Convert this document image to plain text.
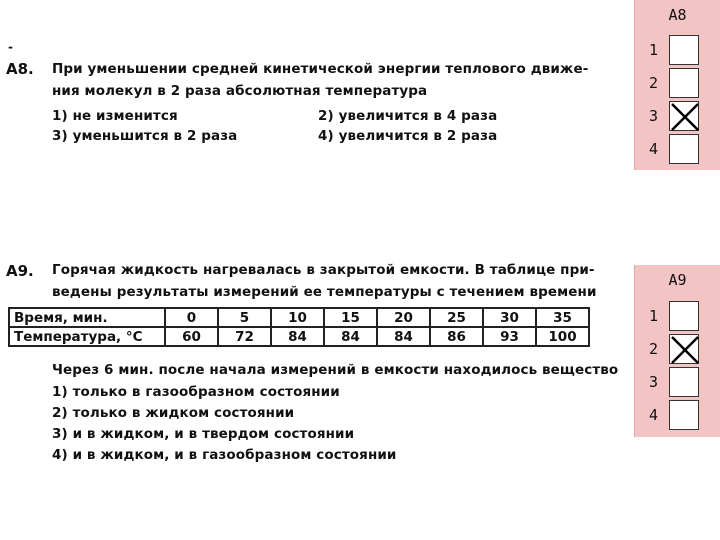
-
A8. При уменьшении средней кинетической энергии теплового движе-
ния молекул в 2 раза абсолютная температура
1) не изменится	2) увеличится в 4 раза
3) уменьшится в 2 раза	4) увеличится в 2 раза
A9. Горячая жидкость нагревалась в закрытой емкости. В таблице при-
ведены результаты измерений ее температуры с течением времени
Время, мин.	0	5	10	15	20	25	30	35
Температура, °С	60	72	84	84	84	86	93	100
Через 6 мин. после начала измерений в емкости находилось вещество
1) только в газообразном состоянии
2) только в жидком состоянии
3) и в жидком, и в твердом состоянии
4) и в жидком, и в газообразном состоянии
А8
1
2
3
4
А9
1
2
3
4
